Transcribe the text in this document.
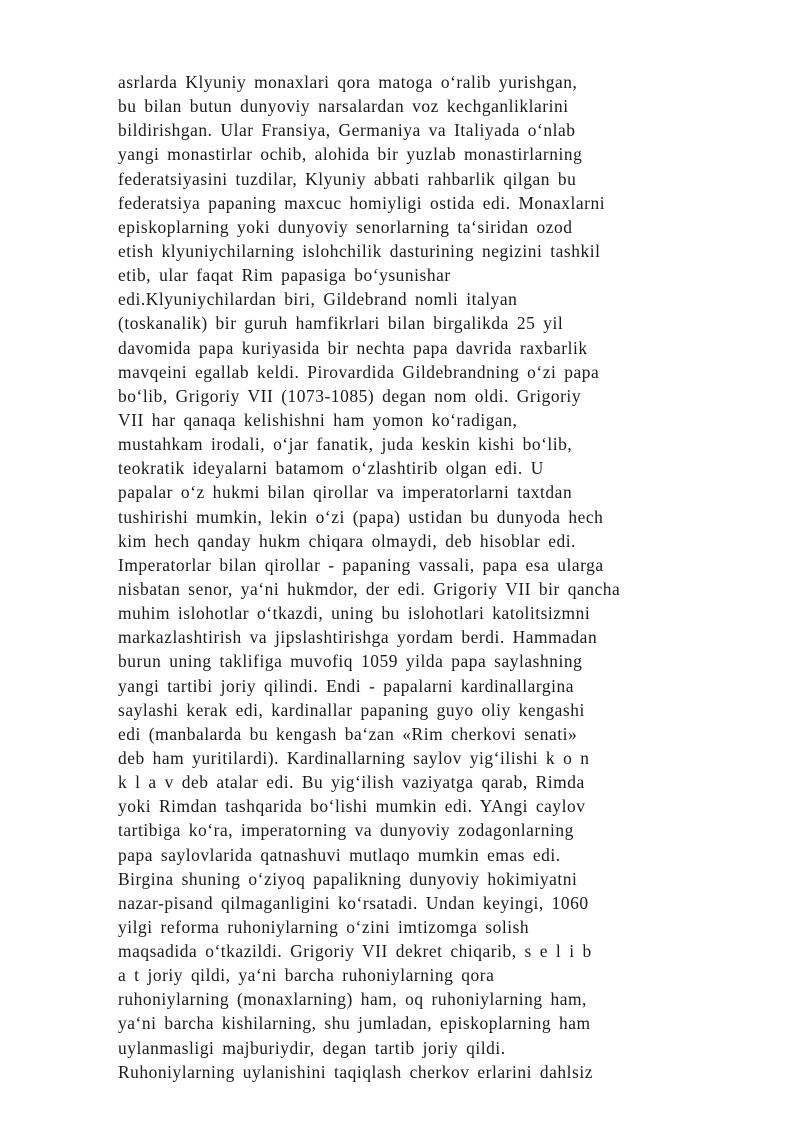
asrlarda Klyuniy monaxlari qora matoga o‘ralib yurishgan,
bu bilan butun dunyoviy narsalardan voz kechganliklarini
bildirishgan. Ular Fransiya, Germaniya va Italiyada o‘nlab
yangi monastirlar ochib, alohida bir yuzlab monastirlarning
federatsiyasini tuzdilar, Klyuniy abbati rahbarlik qilgan bu
federatsiya papaning maxcuc homiyligi ostida edi. Monaxlarni
episkoplarning yoki dunyoviy senorlarning ta‘siridan ozod
etish klyuniychilarning islohchilik dasturining negizini tashkil
etib, ular faqat Rim papasiga bo‘ysunishar
edi.Klyuniychilardan biri, Gildebrand nomli italyan
(toskanalik) bir guruh hamfikrlari bilan birgalikda 25 yil
davomida papa kuriyasida bir nechta papa davrida raxbarlik
mavqeini egallab keldi. Pirovardida Gildebrandning o‘zi papa
bo‘lib, Grigoriy VII (1073-1085) degan nom oldi. Grigoriy
VII har qanaqa kelishishni ham yomon ko‘radigan,
mustahkam irodali, o‘jar fanatik, juda keskin kishi bo‘lib,
teokratik ideyalarni batamom o‘zlashtirib olgan edi. U
papalar o‘z hukmi bilan qirollar va imperatorlarni taxtdan
tushirishi mumkin, lekin o‘zi (papa) ustidan bu dunyoda hech
kim hech qanday hukm chiqara olmaydi, deb hisoblar edi.
Imperatorlar bilan qirollar - papaning vassali, papa esa ularga
nisbatan senor, ya‘ni hukmdor, der edi. Grigoriy VII bir qancha
muhim islohotlar o‘tkazdi, uning bu islohotlari katolitsizmni
markazlashtirish va jipslashtirishga yordam berdi. Hammadan
burun uning taklifiga muvofiq 1059 yilda papa saylashning
yangi tartibi joriy qilindi. Endi - papalarni kardinallargina
saylashi kerak edi, kardinallar papaning guyo oliy kengashi
edi (manbalarda bu kengash ba‘zan «Rim cherkovi senati»
deb ham yuritilardi). Kardinallarning saylov yig‘ilishi k o n
k l a v deb atalar edi. Bu yig‘ilish vaziyatga qarab, Rimda
yoki Rimdan tashqarida bo‘lishi mumkin edi. YAngi caylov
tartibiga ko‘ra, imperatorning va dunyoviy zodagonlarning
papa saylovlarida qatnashuvi mutlaqo mumkin emas edi.
Birgina shuning o‘ziyoq papalikning dunyoviy hokimiyatni
nazar-pisand qilmaganligini ko‘rsatadi. Undan keyingi, 1060
yilgi reforma ruhoniylarning o‘zini imtizomga solish
maqsadida o‘tkazildi. Grigoriy VII dekret chiqarib, s e l i b
a t joriy qildi, ya‘ni barcha ruhoniylarning qora
ruhoniylarning (monaxlarning) ham, oq ruhoniylarning ham,
ya‘ni barcha kishilarning, shu jumladan, episkoplarning ham
uylanmasligi majburiydir, degan tartib joriy qildi.
Ruhoniylarning uylanishini taqiqlash cherkov erlarini dahlsiz
